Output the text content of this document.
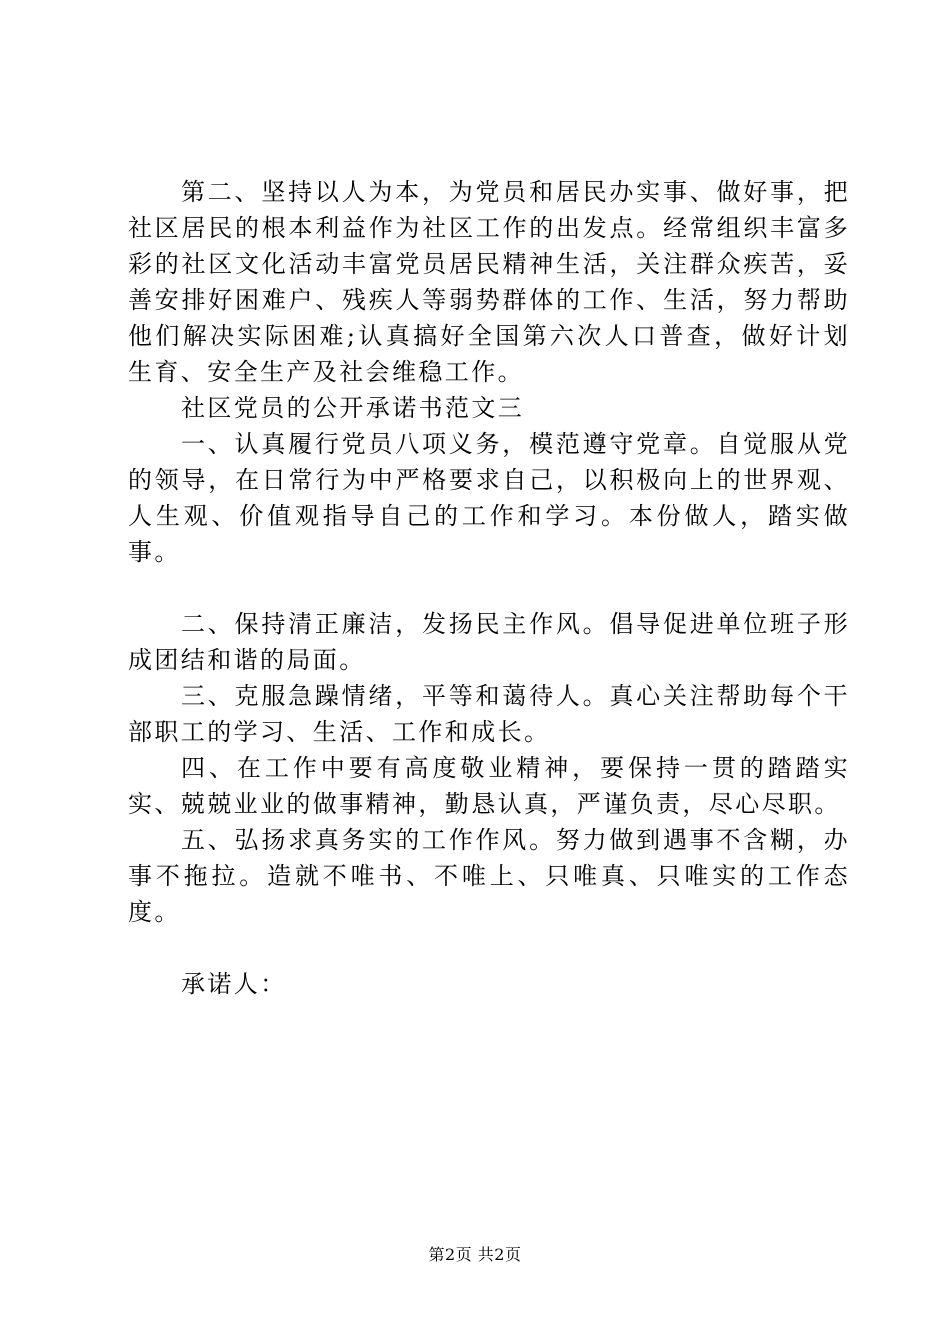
第二、坚持以人为本，为党员和居民办实事、做好事，把社区居民的根本利益作为社区工作的出发点。经常组织丰富多彩的社区文化活动丰富党员居民精神生活，关注群众疾苦，妥善安排好困难户、残疾人等弱势群体的工作、生活，努力帮助他们解决实际困难;认真搞好全国第六次人口普查，做好计划生育、安全生产及社会维稳工作。

社区党员的公开承诺书范文三

一、认真履行党员八项义务，模范遵守党章。自觉服从党的领导，在日常行为中严格要求自己，以积极向上的世界观、人生观、价值观指导自己的工作和学习。本份做人，踏实做事。

二、保持清正廉洁，发扬民主作风。倡导促进单位班子形成团结和谐的局面。

三、克服急躁情绪，平等和蔼待人。真心关注帮助每个干部职工的学习、生活、工作和成长。

四、在工作中要有高度敬业精神，要保持一贯的踏踏实实、兢兢业业的做事精神，勤恳认真，严谨负责，尽心尽职。

五、弘扬求真务实的工作作风。努力做到遇事不含糊，办事不拖拉。造就不唯书、不唯上、只唯真、只唯实的工作态度。

承诺人：

第2页 共2页
